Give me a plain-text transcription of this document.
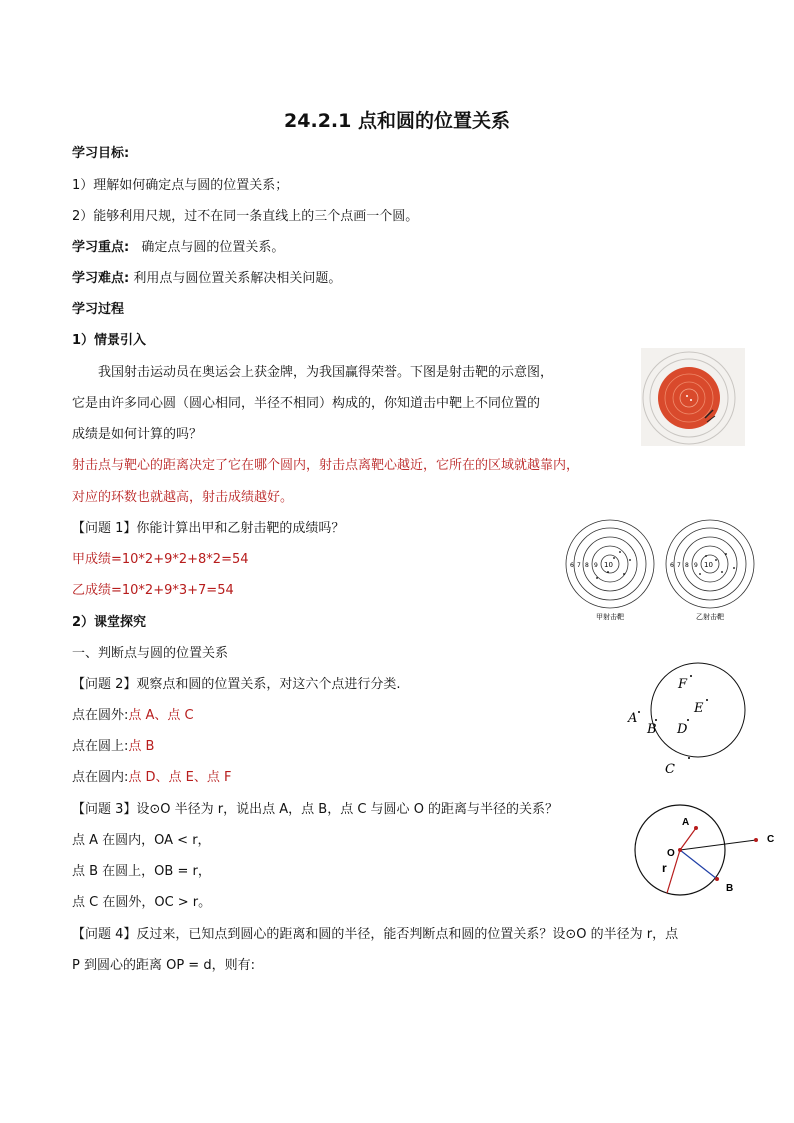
24.2.1 点和圆的位置关系
学习目标:
1）理解如何确定点与圆的位置关系；
2）能够利用尺规，过不在同一条直线上的三个点画一个圆。
学习重点: 确定点与圆的位置关系。
学习难点: 利用点与圆位置关系解决相关问题。
学习过程
1）情景引入
我国射击运动员在奥运会上获金牌，为我国赢得荣誉。下图是射击靶的示意图，
它是由许多同心圆（圆心相同，半径不相同）构成的，你知道击中靶上不同位置的
成绩是如何计算的吗？
射击点与靶心的距离决定了它在哪个圆内，射击点离靶心越近，它所在的区域就越靠内，
对应的环数也就越高，射击成绩越好。
【问题 1】你能计算出甲和乙射击靶的成绩吗？
甲成绩=10*2+9*2+8*2=54
乙成绩=10*2+9*3+7=54
2）课堂探究
一、判断点与圆的位置关系
【问题 2】观察点和圆的位置关系，对这六个点进行分类.
点在圆外:点 A、点 C
点在圆上:点 B
点在圆内:点 D、点 E、点 F
【问题 3】设⊙O 半径为 r，说出点 A，点 B，点 C 与圆心 O 的距离与半径的关系？
点 A 在圆内，OA < r，
点 B 在圆上，OB = r，
点 C 在圆外，OC > r。
【问题 4】反过来，已知点到圆心的距离和圆的半径，能否判断点和圆的位置关系？设⊙O 的半径为 r，点
P 到圆心的距离 OP = d，则有:
6 7 8 9 10
甲射击靶
6 7 8 9 10
乙射击靶
F
E
A
B D
C
A
C
O
r
B
